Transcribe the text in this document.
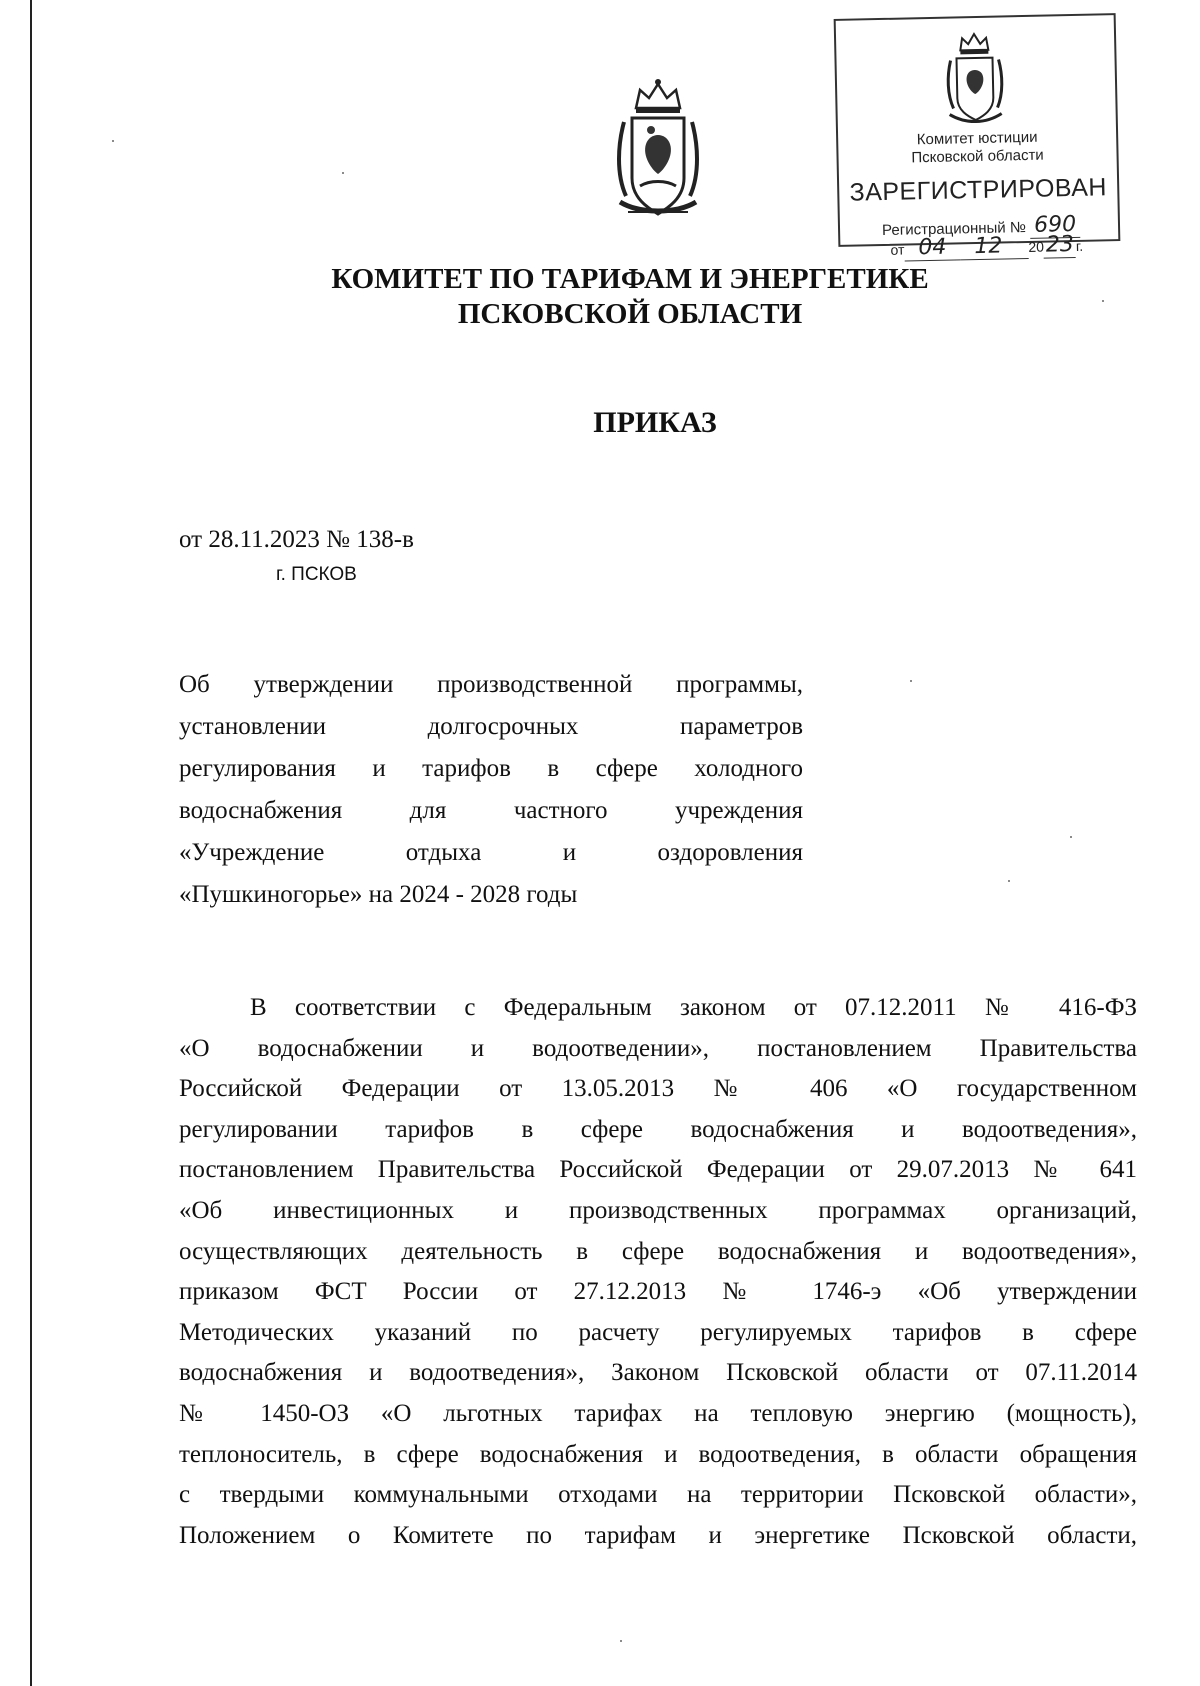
Комитет юстиции
Псковской области
ЗАРЕГИСТРИРОВАН
Регистрационный № 690
от 04 12 2023 г.
КОМИТЕТ ПО ТАРИФАМ И ЭНЕРГЕТИКЕ
ПСКОВСКОЙ ОБЛАСТИ
ПРИКАЗ
от 28.11.2023 № 138-в
г. ПСКОВ
Об утверждении производственной программы,
установлении долгосрочных параметров
регулирования и тарифов в сфере холодного
водоснабжения для частного учреждения
«Учреждение отдыха и оздоровления
«Пушкиногорье» на 2024 - 2028 годы
В соответствии с Федеральным законом от 07.12.2011 № 416-ФЗ
«О водоснабжении и водоотведении», постановлением Правительства
Российской Федерации от 13.05.2013 № 406 «О государственном
регулировании тарифов в сфере водоснабжения и водоотведения»,
постановлением Правительства Российской Федерации от 29.07.2013 № 641
«Об инвестиционных и производственных программах организаций,
осуществляющих деятельность в сфере водоснабжения и водоотведения»,
приказом ФСТ России от 27.12.2013 № 1746-э «Об утверждении
Методических указаний по расчету регулируемых тарифов в сфере
водоснабжения и водоотведения», Законом Псковской области от 07.11.2014
№ 1450-ОЗ «О льготных тарифах на тепловую энергию (мощность),
теплоноситель, в сфере водоснабжения и водоотведения, в области обращения
с твердыми коммунальными отходами на территории Псковской области»,
Положением о Комитете по тарифам и энергетике Псковской области,
